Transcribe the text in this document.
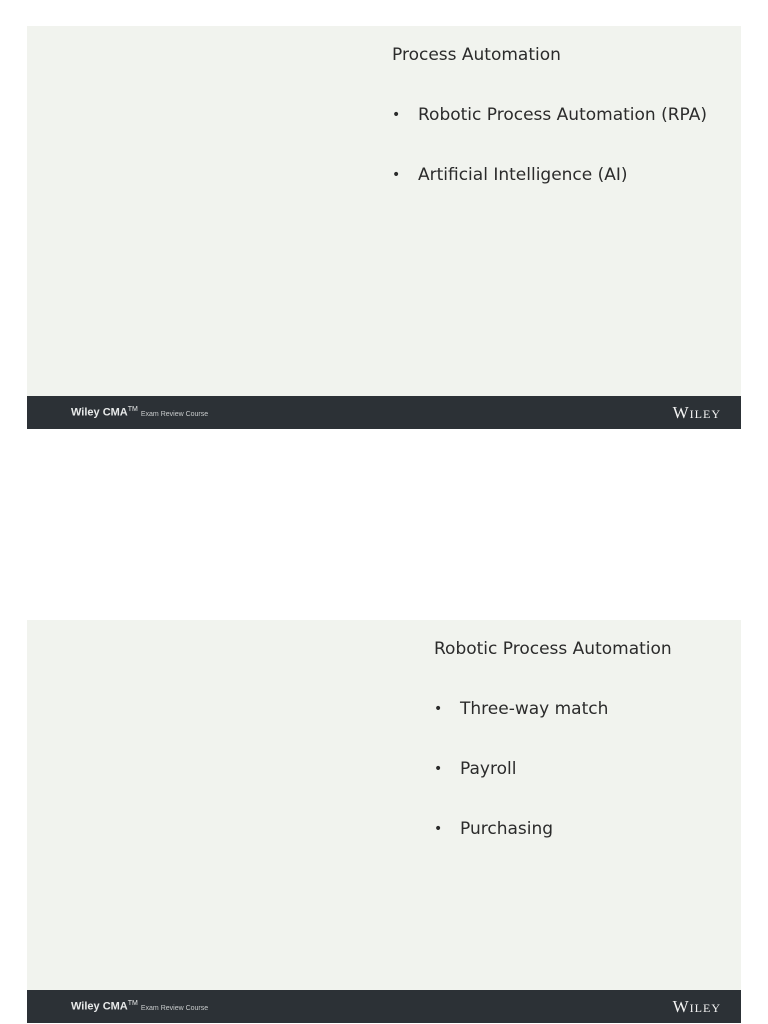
Process Automation
•	Robotic Process Automation (RPA)
•	Artificial Intelligence (AI)
Wiley CMA™Exam Review Course	Wiley
Robotic Process Automation
•	Three-way match
•	Payroll
•	Purchasing
Wiley CMA™Exam Review Course	Wiley
